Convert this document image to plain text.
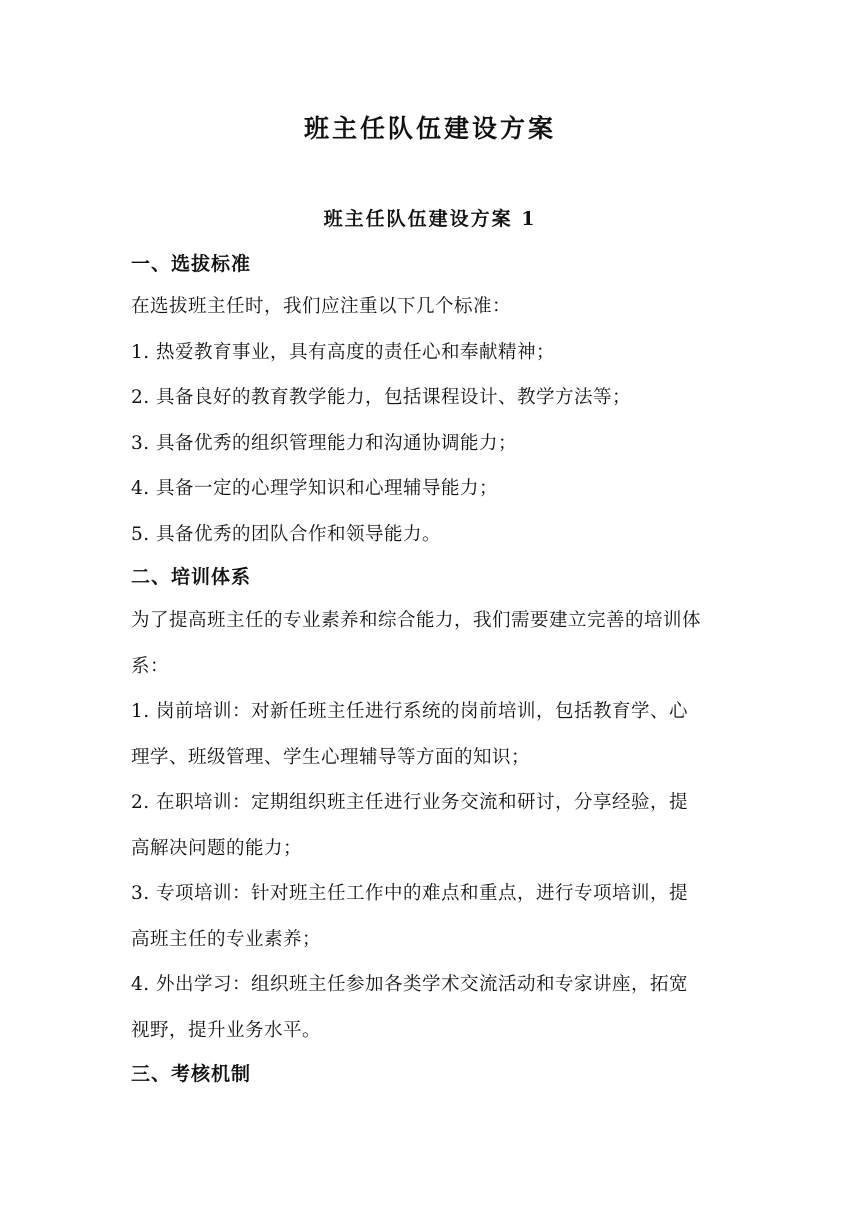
班主任队伍建设方案
班主任队伍建设方案 1
一、选拔标准

在选拔班主任时，我们应注重以下几个标准：

1. 热爱教育事业，具有高度的责任心和奉献精神；

2. 具备良好的教育教学能力，包括课程设计、教学方法等；

3. 具备优秀的组织管理能力和沟通协调能力；

4. 具备一定的心理学知识和心理辅导能力；

5. 具备优秀的团队合作和领导能力。

二、培训体系

为了提高班主任的专业素养和综合能力，我们需要建立完善的培训体

系：

1. 岗前培训：对新任班主任进行系统的岗前培训，包括教育学、心

理学、班级管理、学生心理辅导等方面的知识；

2. 在职培训：定期组织班主任进行业务交流和研讨，分享经验，提

高解决问题的能力；

3. 专项培训：针对班主任工作中的难点和重点，进行专项培训，提

高班主任的专业素养；

4. 外出学习：组织班主任参加各类学术交流活动和专家讲座，拓宽

视野，提升业务水平。

三、考核机制
